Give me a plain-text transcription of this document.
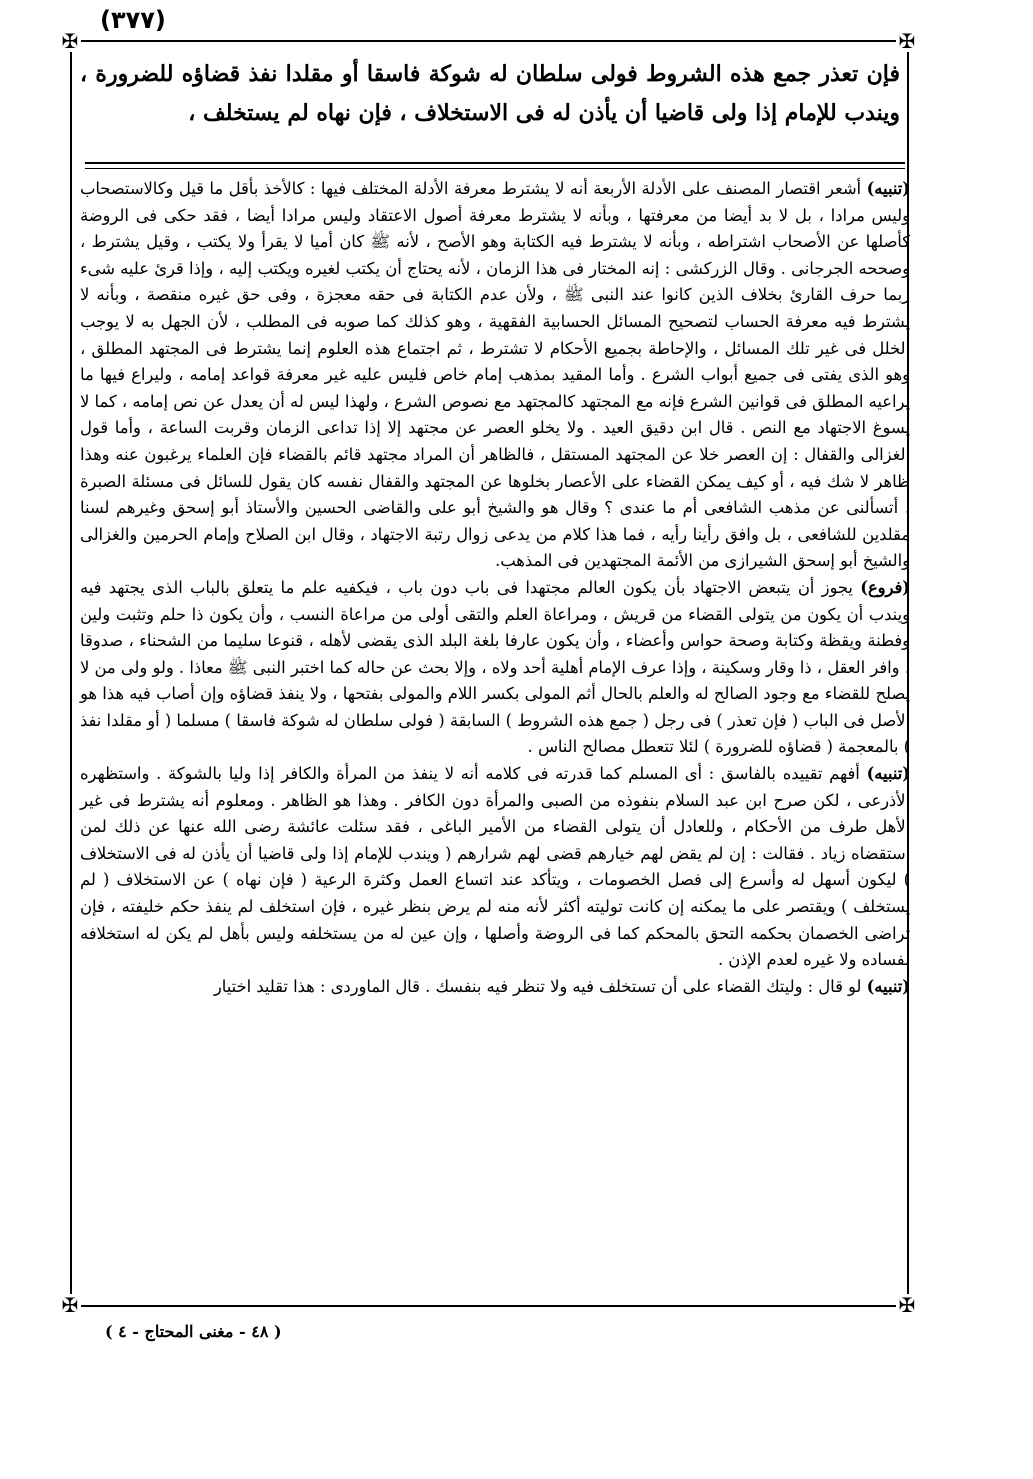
(٣٧٧)
✠	✠
✠	✠
فإن تعذر جمع هذه الشروط فولى سلطان له شوكة فاسقا أو مقلدا نفذ قضاؤه للضرورة ، ويندب للإمام إذا ولى قاضيا أن يأذن له فى الاستخلاف ، فإن نهاه لم يستخلف ،

(تنبيه) أشعر اقتصار المصنف على الأدلة الأربعة أنه لا يشترط معرفة الأدلة المختلف فيها : كالأخذ بأقل ما قيل وكالاستصحاب وليس مرادا ، بل لا بد أيضا من معرفتها ، وبأنه لا يشترط معرفة أصول الاعتقاد وليس مرادا أيضا ، فقد حكى فى الروضة كأصلها عن الأصحاب اشتراطه ، وبأنه لا يشترط فيه الكتابة وهو الأصح ، لأنه ﷺ كان أميا لا يقرأ ولا يكتب ، وقيل يشترط ، وصححه الجرجانى . وقال الزركشى : إنه المختار فى هذا الزمان ، لأنه يحتاج أن يكتب لغيره ويكتب إليه ، وإذا قرئ عليه شىء ربما حرف القارئ بخلاف الذين كانوا عند النبى ﷺ ، ولأن عدم الكتابة فى حقه معجزة ، وفى حق غيره منقصة ، وبأنه لا يشترط فيه معرفة الحساب لتصحيح المسائل الحسابية الفقهية ، وهو كذلك كما صوبه فى المطلب ، لأن الجهل به لا يوجب الخلل فى غير تلك المسائل ، والإحاطة بجميع الأحكام لا تشترط ، ثم اجتماع هذه العلوم إنما يشترط فى المجتهد المطلق ، وهو الذى يفتى فى جميع أبواب الشرع . وأما المقيد بمذهب إمام خاص فليس عليه غير معرفة قواعد إمامه ، وليراع فيها ما يراعيه المطلق فى قوانين الشرع فإنه مع المجتهد كالمجتهد مع نصوص الشرع ، ولهذا ليس له أن يعدل عن نص إمامه ، كما لا يسوغ الاجتهاد مع النص . قال ابن دقيق العيد . ولا يخلو العصر عن مجتهد إلا إذا تداعى الزمان وقربت الساعة ، وأما قول الغزالى والقفال : إن العصر خلا عن المجتهد المستقل ، فالظاهر أن المراد مجتهد قائم بالقضاء فإن العلماء يرغبون عنه وهذا ظاهر لا شك فيه ، أو كيف يمكن القضاء على الأعصار بخلوها عن المجتهد والقفال نفسه كان يقول للسائل فى مسئلة الصبرة . أتسألنى عن مذهب الشافعى أم ما عندى ؟ وقال هو والشيخ أبو على والقاضى الحسين والأستاذ أبو إسحق وغيرهم لسنا مقلدين للشافعى ، بل وافق رأينا رأيه ، فما هذا كلام من يدعى زوال رتبة الاجتهاد ، وقال ابن الصلاح وإمام الحرمين والغزالى والشيخ أبو إسحق الشيرازى من الأئمة المجتهدين فى المذهب.

(فروع) يجوز أن يتبعض الاجتهاد بأن يكون العالم مجتهدا فى باب دون باب ، فيكفيه علم ما يتعلق بالباب الذى يجتهد فيه ويندب أن يكون من يتولى القضاء من قريش ، ومراعاة العلم والتقى أولى من مراعاة النسب ، وأن يكون ذا حلم وتثبت ولين وفطنة ويقظة وكتابة وصحة حواس وأعضاء ، وأن يكون عارفا بلغة البلد الذى يقضى لأهله ، قنوعا سليما من الشحناء ، صدوقا ، وافر العقل ، ذا وقار وسكينة ، وإذا عرف الإمام أهلية أحد ولاه ، وإلا بحث عن حاله كما اختبر النبى ﷺ معاذا . ولو ولى من لا يصلح للقضاء مع وجود الصالح له والعلم بالحال أثم المولى بكسر اللام والمولى بفتحها ، ولا ينفذ قضاؤه وإن أصاب فيه هذا هو الأصل فى الباب ( فإن تعذر ) فى رجل ( جمع هذه الشروط ) السابقة ( فولى سلطان له شوكة فاسقا ) مسلما ( أو مقلدا نفذ ) بالمعجمة ( قضاؤه للضرورة ) لئلا تتعطل مصالح الناس .

(تنبيه) أفهم تقييده بالفاسق : أى المسلم كما قدرته فى كلامه أنه لا ينفذ من المرأة والكافر إذا وليا بالشوكة . واستظهره الأذرعى ، لكن صرح ابن عبد السلام بنفوذه من الصبى والمرأة دون الكافر . وهذا هو الظاهر . ومعلوم أنه يشترط فى غير الأهل طرف من الأحكام ، وللعادل أن يتولى القضاء من الأمير الباغى ، فقد سئلت عائشة رضى الله عنها عن ذلك لمن استقضاه زياد . فقالت : إن لم يقض لهم خيارهم قضى لهم شرارهم ( ويندب للإمام إذا ولى قاضيا أن يأذن له فى الاستخلاف ) ليكون أسهل له وأسرع إلى فصل الخصومات ، ويتأكد عند اتساع العمل وكثرة الرعية ( فإن نهاه ) عن الاستخلاف ( لم يستخلف ) ويقتصر على ما يمكنه إن كانت توليته أكثر لأنه منه لم يرض بنظر غيره ، فإن استخلف لم ينفذ حكم خليفته ، فإن تراضى الخصمان بحكمه التحق بالمحكم كما فى الروضة وأصلها ، وإن عين له من يستخلفه وليس بأهل لم يكن له استخلافه لفساده ولا غيره لعدم الإذن .

(تنبيه) لو قال : وليتك القضاء على أن تستخلف فيه ولا تنظر فيه بنفسك . قال الماوردى : هذا تقليد اختيار

( ٤٨ - مغنى المحتاج - ٤ )
